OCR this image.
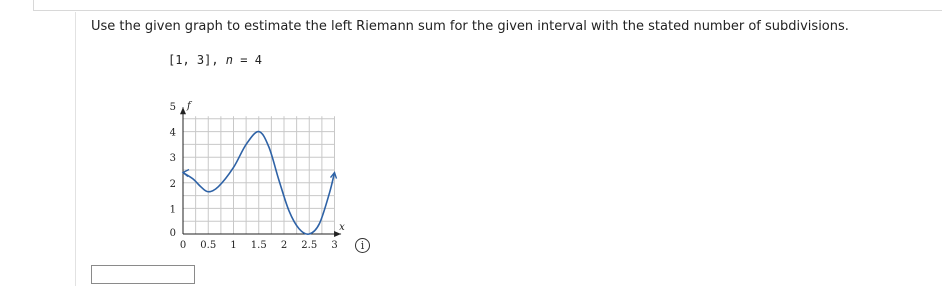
Use the given graph to estimate the left Riemann sum for the given interval with the stated number of subdivisions.
[1, 3], n = 4
0 0.5 1 1.5 2 2.5 3
0
1
2
3
4
5 f
x
i
